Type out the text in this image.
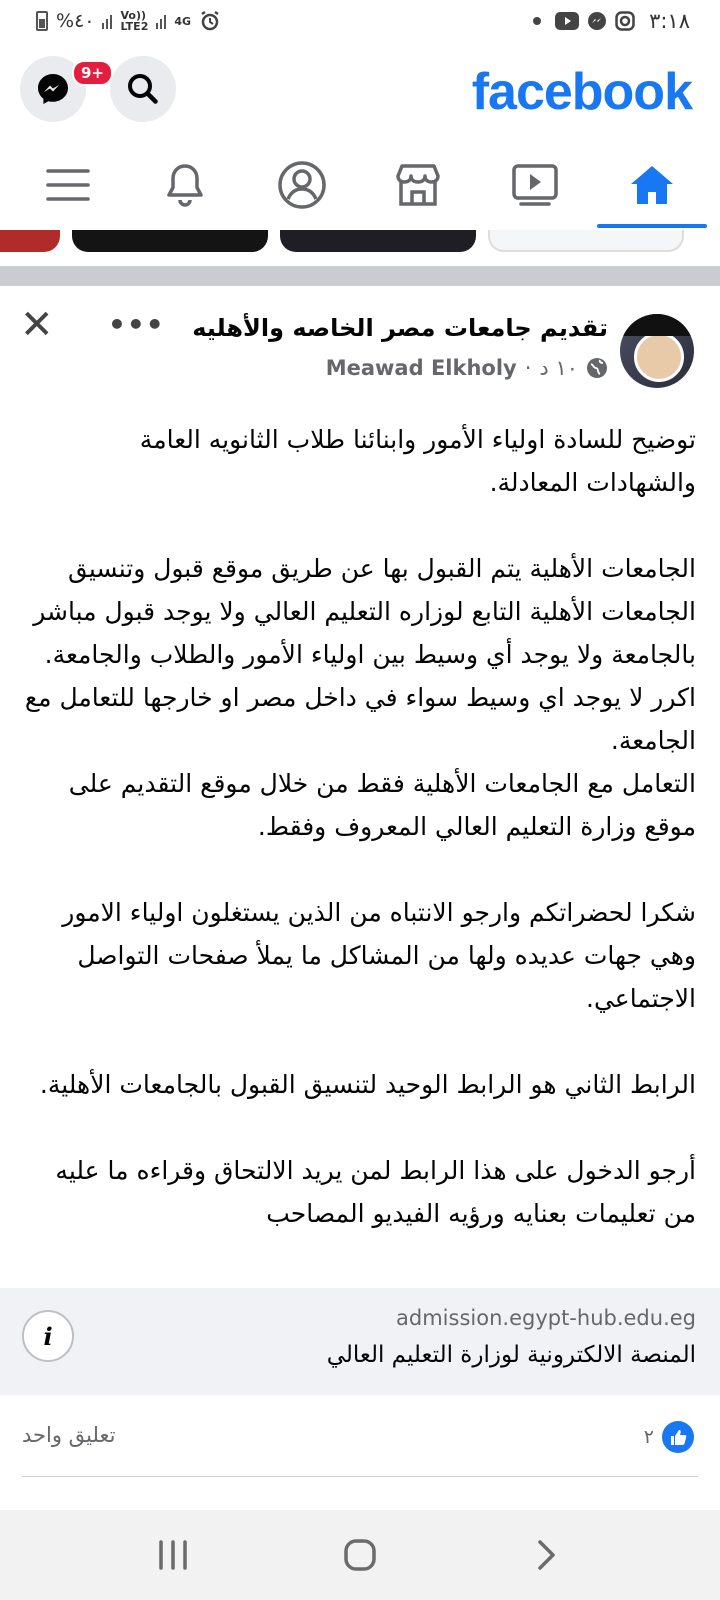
%٤٠ Vo))
LTE2 4G	٣:١٨
9+	facebook
تقديم جامعات مصر الخاصه والأهليه
Meawad Elkholy · ١٠ د
•••
✕

توضيح للسادة اولياء الأمور وابنائنا طلاب الثانويه العامة والشهادات المعادلة.

الجامعات الأهلية يتم القبول بها عن طريق موقع قبول وتنسيق الجامعات الأهلية التابع لوزاره التعليم العالي ولا يوجد قبول مباشر بالجامعة ولا يوجد أي وسيط بين اولياء الأمور والطلاب والجامعة.

اكرر لا يوجد اي وسيط سواء في داخل مصر او خارجها للتعامل مع الجامعة.

التعامل مع الجامعات الأهلية فقط من خلال موقع التقديم على موقع وزارة التعليم العالي المعروف وفقط.

شكرا لحضراتكم وارجو الانتباه من الذين يستغلون اولياء الامور وهي جهات عديده ولها من المشاكل ما يملأ صفحات التواصل الاجتماعي.

الرابط الثاني هو الرابط الوحيد لتنسيق القبول بالجامعات الأهلية.

أرجو الدخول على هذا الرابط لمن يريد الالتحاق وقراءه ما عليه من تعليمات بعنايه ورؤيه الفيديو المصاحب

admission.egypt-hub.edu.eg
المنصة الالكترونية لوزارة التعليم العالي
i
٢
تعليق واحد
